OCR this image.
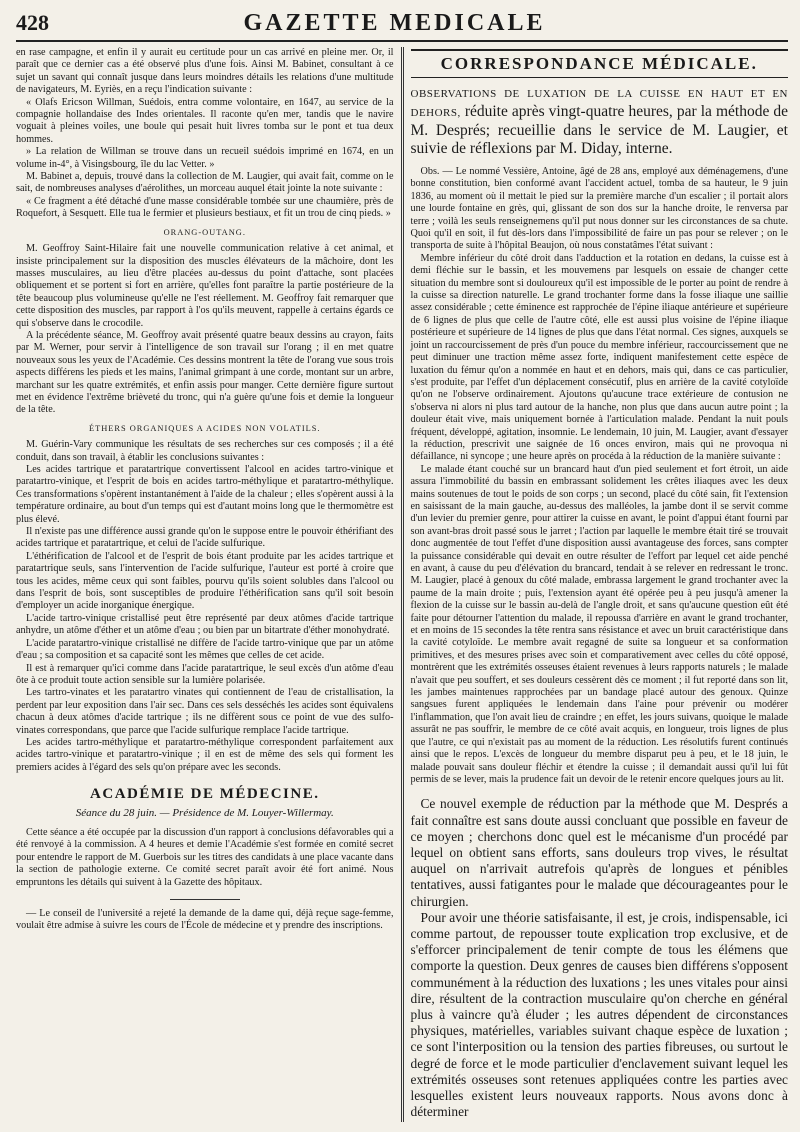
428	GAZETTE MEDICALE

en rase campagne, et enfin il y aurait eu certitude pour un cas arrivé en pleine mer. Or, il paraît que ce dernier cas a été observé plus d'une fois. Ainsi M. Babinet, consultant à ce sujet un savant qui connaît jusque dans leurs moindres détails les relations d'une multitude de navigateurs, M. Eyriès, en a reçu l'indication suivante :

« Olafs Ericson Willman, Suédois, entra comme volontaire, en 1647, au service de la compagnie hollandaise des Indes orientales. Il raconte qu'en mer, tandis que le navire voguait à pleines voiles, une boule qui pesait huit livres tomba sur le pont et tua deux hommes.

» La relation de Willman se trouve dans un recueil suédois imprimé en 1674, en un volume in-4°, à Visingsbourg, île du lac Vetter. »

M. Babinet a, depuis, trouvé dans la collection de M. Laugier, qui avait fait, comme on le sait, de nombreuses analyses d'aérolithes, un morceau auquel était jointe la note suivante :

« Ce fragment a été détaché d'une masse considérable tombée sur une chaumière, près de Roquefort, à Sesquett. Elle tua le fermier et plusieurs bestiaux, et fit un trou de cinq pieds. »

ORANG-OUTANG.

M. Geoffroy Saint-Hilaire fait une nouvelle communication relative à cet animal, et insiste principalement sur la disposition des muscles élévateurs de la mâchoire, dont les masses musculaires, au lieu d'être placées au-dessus du point d'attache, sont placées obliquement et se portent si fort en arrière, qu'elles font paraître la partie postérieure de la tête beaucoup plus volumineuse qu'elle ne l'est réellement. M. Geoffroy fait remarquer que cette disposition des muscles, par rapport à l'os qu'ils meuvent, rappelle à certains égards ce qui s'observe dans le crocodile.

A la précédente séance, M. Geoffroy avait présenté quatre beaux dessins au crayon, faits par M. Werner, pour servir à l'intelligence de son travail sur l'orang ; il en met quatre nouveaux sous les yeux de l'Académie. Ces dessins montrent la tête de l'orang vue sous trois aspects différens les pieds et les mains, l'animal grimpant à une corde, montant sur un arbre, marchant sur les quatre extrémités, et enfin assis pour manger. Cette dernière figure surtout met en évidence l'extrême brièveté du tronc, qui n'a guère qu'une fois et demie la longueur de la tête.

ÉTHERS ORGANIQUES A ACIDES NON VOLATILS.

M. Guérin-Vary communique les résultats de ses recherches sur ces composés ; il a été conduit, dans son travail, à établir les conclusions suivantes :

Les acides tartrique et paratartrique convertissent l'alcool en acides tartro-vinique et paratartro-vinique, et l'esprit de bois en acides tartro-méthylique et paratartro-méthylique. Ces transformations s'opèrent instantanément à l'aide de la chaleur ; elles s'opèrent aussi à la température ordinaire, au bout d'un temps qui est d'autant moins long que le thermomètre est plus élevé.

Il n'existe pas une différence aussi grande qu'on le suppose entre le pouvoir éthérifiant des acides tartrique et paratartrique, et celui de l'acide sulfurique.

L'éthérification de l'alcool et de l'esprit de bois étant produite par les acides tartrique et paratartrique seuls, sans l'intervention de l'acide sulfurique, l'auteur est porté à croire que tous les acides, même ceux qui sont faibles, pourvu qu'ils soient solubles dans l'alcool ou dans l'esprit de bois, sont susceptibles de produire l'éthérification sans qu'il soit besoin d'employer un acide inorganique énergique.

L'acide tartro-vinique cristallisé peut être représenté par deux atômes d'acide tartrique anhydre, un atôme d'éther et un atôme d'eau ; ou bien par un bitartrate d'éther monohydraté.

L'acide paratartro-vinique cristallisé ne diffère de l'acide tartro-vinique que par un atôme d'eau ; sa composition et sa capacité sont les mêmes que celles de cet acide.

Il est à remarquer qu'ici comme dans l'acide paratartrique, le seul excès d'un atôme d'eau ôte à ce produit toute action sensible sur la lumière polarisée.

Les tartro-vinates et les paratartro vinates qui contiennent de l'eau de cristallisation, la perdent par leur exposition dans l'air sec. Dans ces sels desséchés les acides sont équivalens chacun à deux atômes d'acide tartrique ; ils ne diffèrent sous ce point de vue des sulfo-vinates correspondans, que parce que l'acide sulfurique remplace l'acide tartrique.

Les acides tartro-méthylique et paratartro-méthylique correspondent parfaitement aux acides tartro-vinique et paratartro-vinique ; il en est de même des sels qui forment les premiers acides à l'égard des sels qu'on prépare avec les seconds.

ACADÉMIE DE MÉDECINE.

Séance du 28 juin. — Présidence de M. Louyer-Willermay.

Cette séance a été occupée par la discussion d'un rapport à conclusions défavorables qui a été renvoyé à la commission. A 4 heures et demie l'Académie s'est formée en comité secret pour entendre le rapport de M. Guerbois sur les titres des candidats à une place vacante dans la section de pathologie externe. Ce comité secret paraît avoir été fort animé. Nous empruntons les détails qui suivent à la Gazette des hôpitaux.

— Le conseil de l'université a rejeté la demande de la dame qui, déjà reçue sage-femme, voulait être admise à suivre les cours de l'École de médecine et y prendre des inscriptions.

CORRESPONDANCE MÉDICALE.

OBSERVATIONS DE LUXATION DE LA CUISSE EN HAUT ET EN DEHORS, réduite après vingt-quatre heures, par la méthode de M. Després; recueillie dans le service de M. Laugier, et suivie de réflexions par M. Diday, interne.

Obs. — Le nommé Vessière, Antoine, âgé de 28 ans, employé aux déménagemens, d'une bonne constitution, bien conformé avant l'accident actuel, tomba de sa hauteur, le 9 juin 1836, au moment où il mettait le pied sur la première marche d'un escalier ; il portait alors une lourde fontaine en grès, qui, glissant de son dos sur la hanche droite, le renversa par terre ; voilà les seuls renseignemens qu'il put nous donner sur les circonstances de sa chute. Quoi qu'il en soit, il fut dès-lors dans l'impossibilité de faire un pas pour se relever ; on le transporta de suite à l'hôpital Beaujon, où nous constatâmes l'état suivant :

Membre inférieur du côté droit dans l'adduction et la rotation en dedans, la cuisse est à demi fléchie sur le bassin, et les mouvemens par lesquels on essaie de changer cette situation du membre sont si douloureux qu'il est impossible de le porter au point de rendre à la cuisse sa direction naturelle. Le grand trochanter forme dans la fosse iliaque une saillie assez considérable ; cette éminence est rapprochée de l'épine iliaque antérieure et supérieure de 6 lignes de plus que celle de l'autre côté, elle est aussi plus voisine de l'épine iliaque postérieure et supérieure de 14 lignes de plus que dans l'état normal. Ces signes, auxquels se joint un raccourcissement de près d'un pouce du membre inférieur, raccourcissement que ne peut diminuer une traction même assez forte, indiquent manifestement cette espèce de luxation du fémur qu'on a nommée en haut et en dehors, mais qui, dans ce cas particulier, s'est produite, par l'effet d'un déplacement consécutif, plus en arrière de la cavité cotyloïde qu'on ne l'observe ordinairement. Ajoutons qu'aucune trace extérieure de contusion ne s'observa ni alors ni plus tard autour de la hanche, non plus que dans aucun autre point ; la douleur était vive, mais uniquement bornée à l'articulation malade. Pendant la nuit pouls fréquent, développé, agitation, insomnie. Le lendemain, 10 juin, M. Laugier, avant d'essayer la réduction, prescrivit une saignée de 16 onces environ, mais qui ne provoqua ni défaillance, ni syncope ; une heure après on procéda à la réduction de la manière suivante :

Le malade étant couché sur un brancard haut d'un pied seulement et fort étroit, un aide assura l'immobilité du bassin en embrassant solidement les crêtes iliaques avec les deux mains soutenues de tout le poids de son corps ; un second, placé du côté sain, fit l'extension en saisissant de la main gauche, au-dessus des malléoles, la jambe dont il se servit comme d'un levier du premier genre, pour attirer la cuisse en avant, le point d'appui étant fourni par son avant-bras droit passé sous le jarret ; l'action par laquelle le membre était tiré se trouvait donc augmentée de tout l'effet d'une disposition aussi avantageuse des forces, sans compter la puissance considérable qui devait en outre résulter de l'effort par lequel cet aide penché en avant, à cause du peu d'élévation du brancard, tendait à se relever en redressant le tronc. M. Laugier, placé à genoux du côté malade, embrassa largement le grand trochanter avec la paume de la main droite ; puis, l'extension ayant été opérée peu à peu jusqu'à amener la flexion de la cuisse sur le bassin au-delà de l'angle droit, et sans qu'aucune question eût été faite pour détourner l'attention du malade, il repoussa d'arrière en avant le grand trochanter, et en moins de 15 secondes la tête rentra sans résistance et avec un bruit caractéristique dans la cavité cotyloïde. Le membre avait regagné de suite sa longueur et sa conformation primitives, et des mesures prises avec soin et comparativement avec celles du côté opposé, montrèrent que les extrémités osseuses étaient revenues à leurs rapports naturels ; le malade n'avait que peu souffert, et ses douleurs cessèrent dès ce moment ; il fut reporté dans son lit, les jambes maintenues rapprochées par un bandage placé autour des genoux. Quinze sangsues furent appliquées le lendemain dans l'aine pour prévenir ou modérer l'inflammation, que l'on avait lieu de craindre ; en effet, les jours suivans, quoique le malade assurât ne pas souffrir, le membre de ce côté avait acquis, en longueur, trois lignes de plus que l'autre, ce qui n'existait pas au moment de la réduction. Les résolutifs furent continués ainsi que le repos. L'excès de longueur du membre disparut peu à peu, et le 18 juin, le malade pouvait sans douleur fléchir et étendre la cuisse ; il demandait aussi qu'il lui fût permis de se lever, mais la prudence fait un devoir de le retenir encore quelques jours au lit.

Ce nouvel exemple de réduction par la méthode que M. Després a fait connaître est sans doute aussi concluant que possible en faveur de ce moyen ; cherchons donc quel est le mécanisme d'un procédé par lequel on obtient sans efforts, sans douleurs trop vives, le résultat auquel on n'arrivait autrefois qu'après de longues et pénibles tentatives, aussi fatigantes pour le malade que décourageantes pour le chirurgien.

Pour avoir une théorie satisfaisante, il est, je crois, indispensable, ici comme partout, de repousser toute explication trop exclusive, et de s'efforcer principalement de tenir compte de tous les élémens que comporte la question. Deux genres de causes bien différens s'opposent communément à la réduction des luxations ; les unes vitales pour ainsi dire, résultent de la contraction musculaire qu'on cherche en général plus à vaincre qu'à éluder ; les autres dépendent de circonstances physiques, matérielles, variables suivant chaque espèce de luxation ; ce sont l'interposition ou la tension des parties fibreuses, ou surtout le degré de force et le mode particulier d'enclavement suivant lequel les extrémités osseuses sont retenues appliquées contre les parties avec lesquelles existent leurs nouveaux rapports. Nous avons donc à déterminer
